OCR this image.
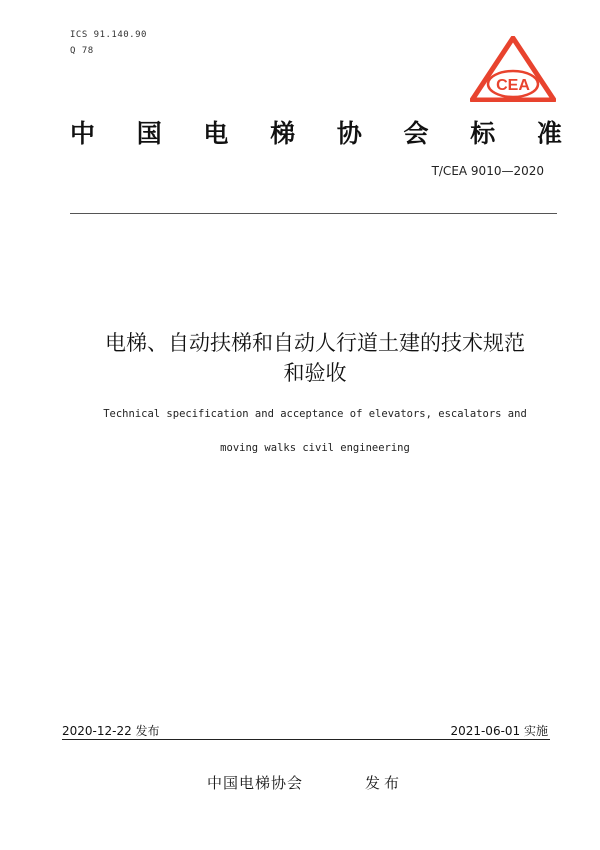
ICS 91.140.90
Q 78
CEA
中 国 电 梯 协 会 标 准
T/CEA 9010—2020
电梯、自动扶梯和自动人行道土建的技术规范
和验收
Technical specification and acceptance of elevators, escalators and
moving walks civil engineering
2020-12-22 发布	2021-06-01 实施
中国电梯协会	发布
